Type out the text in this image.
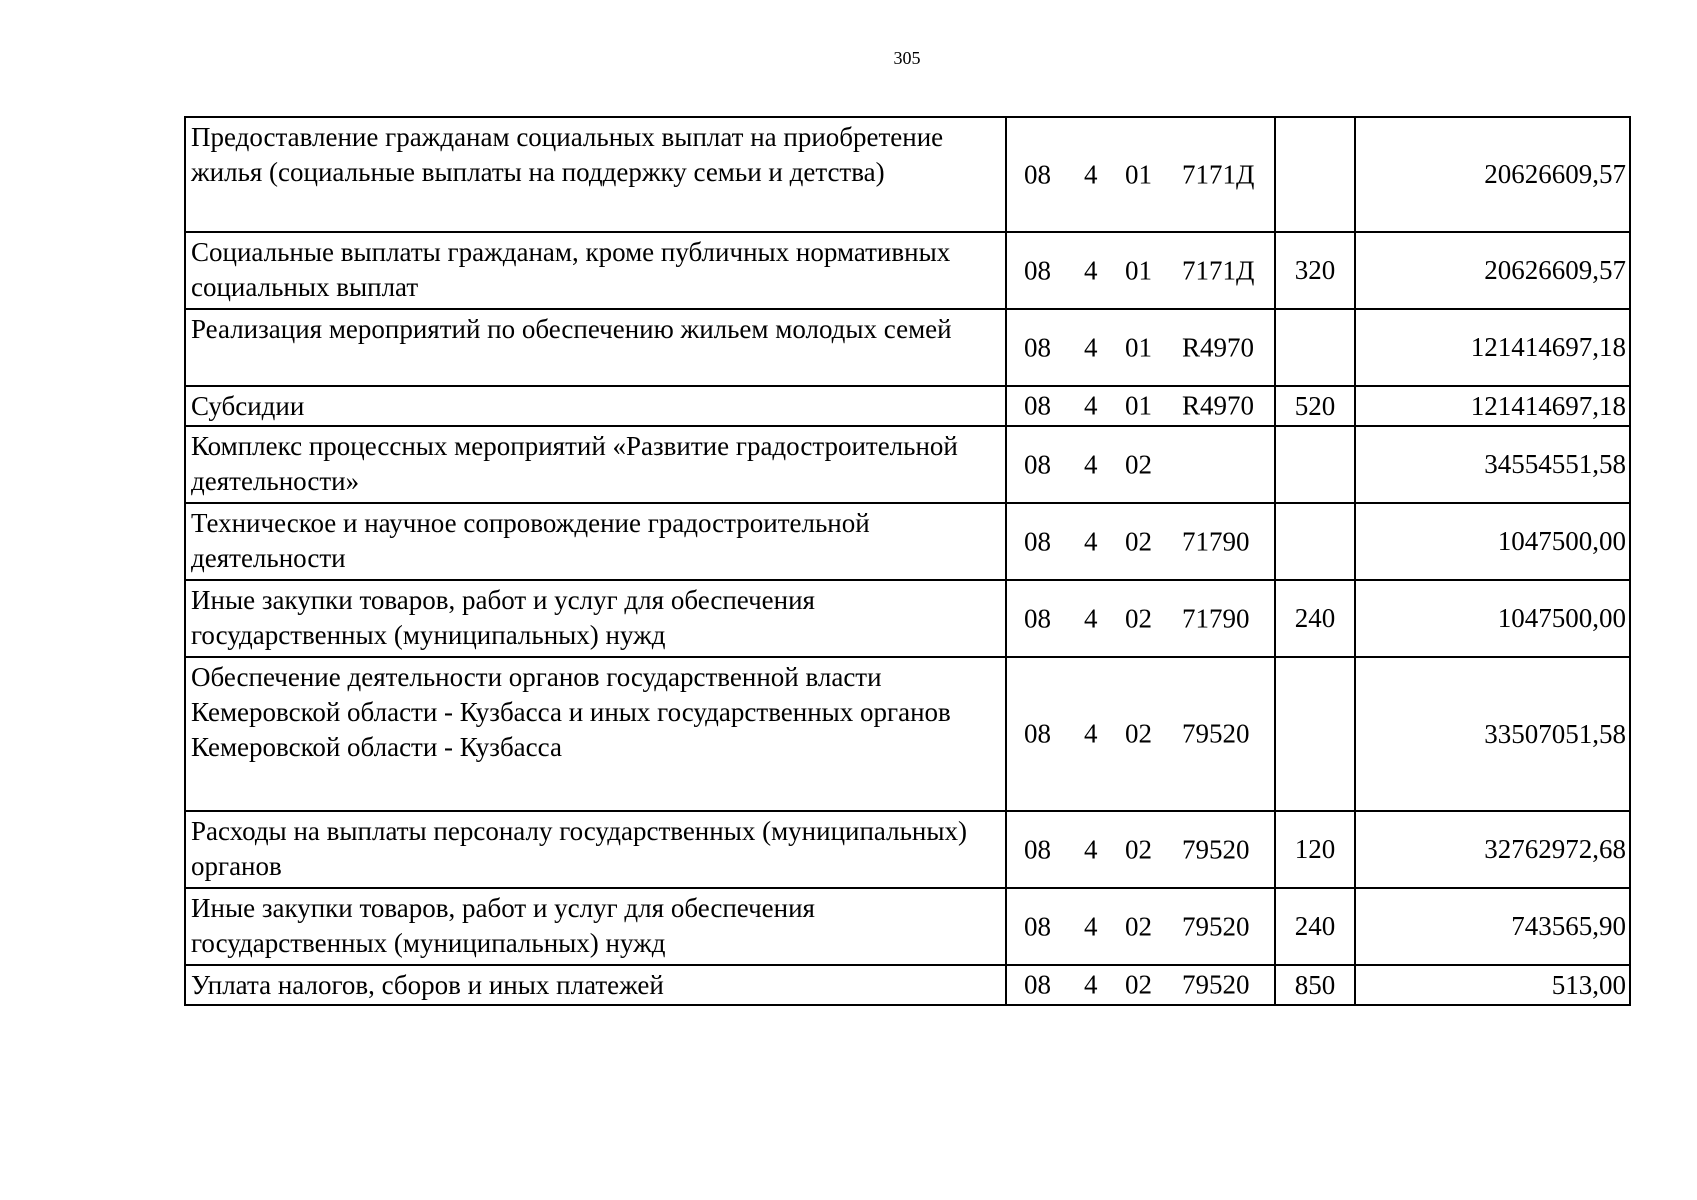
305
Предоставление гражданам социальных выплат на приобретение жилья (социальные выплаты на поддержку семьи и детства)	08 4 01 7171Д		20626609,57
Социальные выплаты гражданам, кроме публичных нормативных социальных выплат	08 4 01 7171Д	320	20626609,57
Реализация мероприятий по обеспечению жильем молодых семей	08 4 01 R4970		121414697,18
Субсидии	08 4 01 R4970	520	121414697,18
Комплекс процессных мероприятий «Развитие градостроительной деятельности»	08 4 02		34554551,58
Техническое и научное сопровождение градостроительной деятельности	08 4 02 71790		1047500,00
Иные закупки товаров, работ и услуг для обеспечения государственных (муниципальных) нужд	08 4 02 71790	240	1047500,00
Обеспечение деятельности органов государственной власти Кемеровской области - Кузбасса и иных государственных органов Кемеровской области - Кузбасса	08 4 02 79520		33507051,58
Расходы на выплаты персоналу государственных (муниципальных) органов	08 4 02 79520	120	32762972,68
Иные закупки товаров, работ и услуг для обеспечения государственных (муниципальных) нужд	08 4 02 79520	240	743565,90
Уплата налогов, сборов и иных платежей	08 4 02 79520	850	513,00
